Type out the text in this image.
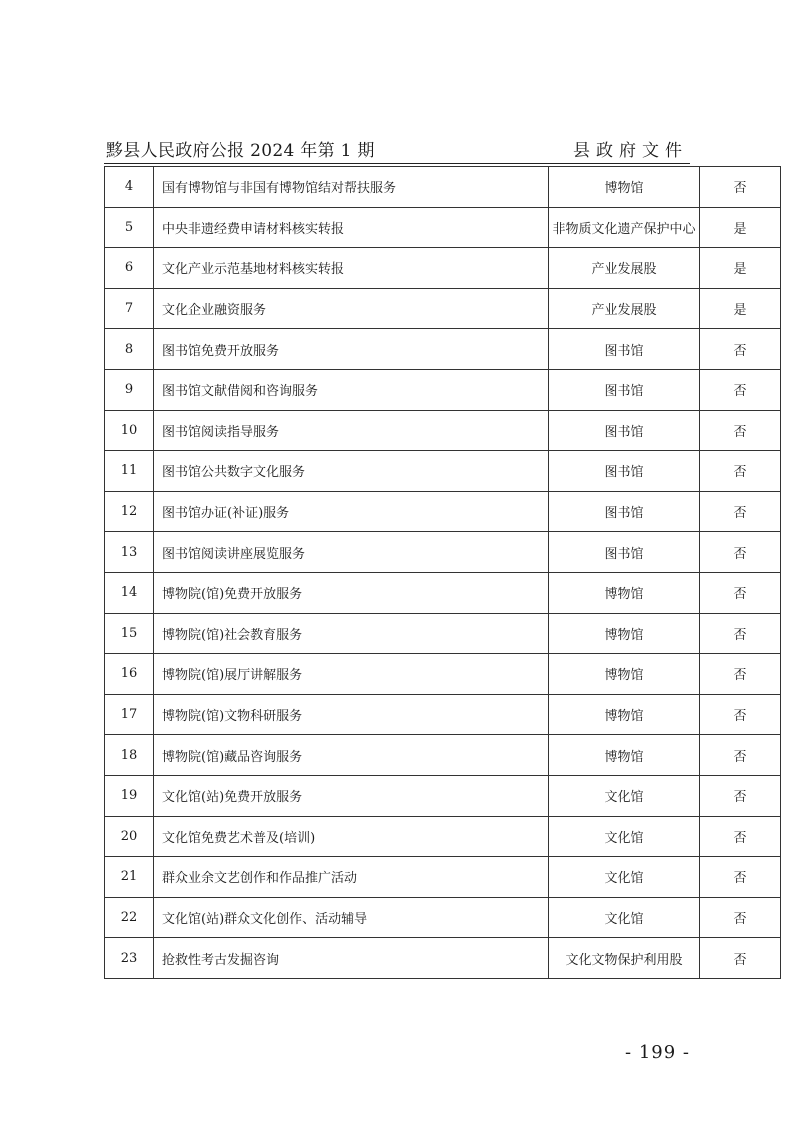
黟县人民政府公报 2024 年第 1 期	县政府文件
4	国有博物馆与非国有博物馆结对帮扶服务	博物馆	否
5	中央非遗经费申请材料核实转报	非物质文化遗产保护中心	是
6	文化产业示范基地材料核实转报	产业发展股	是
7	文化企业融资服务	产业发展股	是
8	图书馆免费开放服务	图书馆	否
9	图书馆文献借阅和咨询服务	图书馆	否
10	图书馆阅读指导服务	图书馆	否
11	图书馆公共数字文化服务	图书馆	否
12	图书馆办证(补证)服务	图书馆	否
13	图书馆阅读讲座展览服务	图书馆	否
14	博物院(馆)免费开放服务	博物馆	否
15	博物院(馆)社会教育服务	博物馆	否
16	博物院(馆)展厅讲解服务	博物馆	否
17	博物院(馆)文物科研服务	博物馆	否
18	博物院(馆)藏品咨询服务	博物馆	否
19	文化馆(站)免费开放服务	文化馆	否
20	文化馆免费艺术普及(培训)	文化馆	否
21	群众业余文艺创作和作品推广活动	文化馆	否
22	文化馆(站)群众文化创作、活动辅导	文化馆	否
23	抢救性考古发掘咨询	文化文物保护利用股	否
- 199 -
